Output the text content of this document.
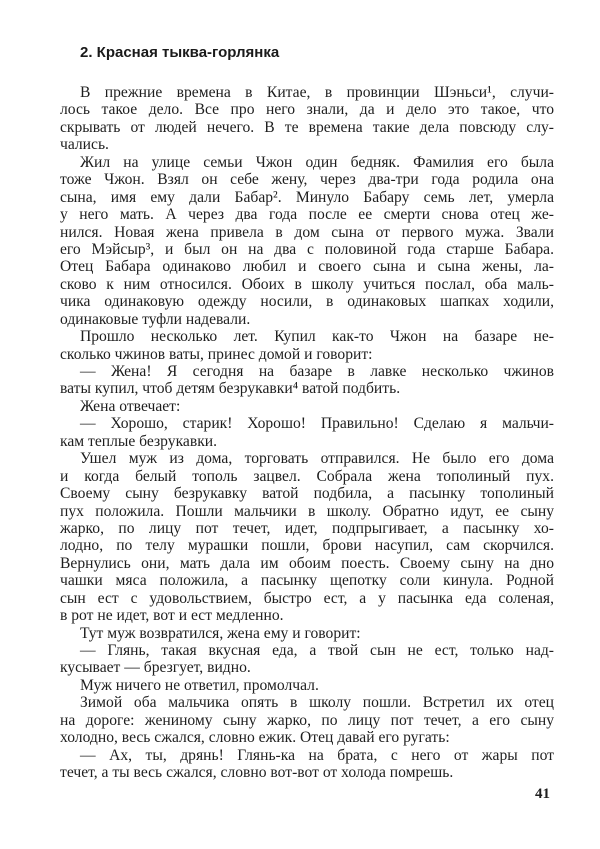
2. Красная тыква-горлянка
В прежние времена в Китае, в провинции Шэньси¹, случи-
лось такое дело. Все про него знали, да и дело это такое, что
скрывать от людей нечего. В те времена такие дела повсюду слу-
чались.
Жил на улице семьи Чжон один бедняк. Фамилия его была
тоже Чжон. Взял он себе жену, через два-три года родила она
сына, имя ему дали Бабар². Минуло Бабару семь лет, умерла
у него мать. А через два года после ее смерти снова отец же-
нился. Новая жена привела в дом сына от первого мужа. Звали
его Мэйсыр³, и был он на два с половиной года старше Бабара.
Отец Бабара одинаково любил и своего сына и сына жены, ла-
сково к ним относился. Обоих в школу учиться послал, оба маль-
чика одинаковую одежду носили, в одинаковых шапках ходили,
одинаковые туфли надевали.
Прошло несколько лет. Купил как-то Чжон на базаре не-
сколько чжинов ваты, принес домой и говорит:
— Жена! Я сегодня на базаре в лавке несколько чжинов
ваты купил, чтоб детям безрукавки⁴ ватой подбить.
Жена отвечает:
— Хорошо, старик! Хорошо! Правильно! Сделаю я мальчи-
кам теплые безрукавки.
Ушел муж из дома, торговать отправился. Не было его дома
и когда белый тополь зацвел. Собрала жена тополиный пух.
Своему сыну безрукавку ватой подбила, а пасынку тополиный
пух положила. Пошли мальчики в школу. Обратно идут, ее сыну
жарко, по лицу пот течет, идет, подпрыгивает, а пасынку хо-
лодно, по телу мурашки пошли, брови насупил, сам скорчился.
Вернулись они, мать дала им обоим поесть. Своему сыну на дно
чашки мяса положила, а пасынку щепотку соли кинула. Родной
сын ест с удовольствием, быстро ест, а у пасынка еда соленая,
в рот не идет, вот и ест медленно.
Тут муж возвратился, жена ему и говорит:
— Глянь, такая вкусная еда, а твой сын не ест, только над-
кусывает — брезгует, видно.
Муж ничего не ответил, промолчал.
Зимой оба мальчика опять в школу пошли. Встретил их отец
на дороге: жениному сыну жарко, по лицу пот течет, а его сыну
холодно, весь сжался, словно ежик. Отец давай его ругать:
— Ах, ты, дрянь! Глянь-ка на брата, с него от жары пот
течет, а ты весь сжался, словно вот-вот от холода помрешь.
41
